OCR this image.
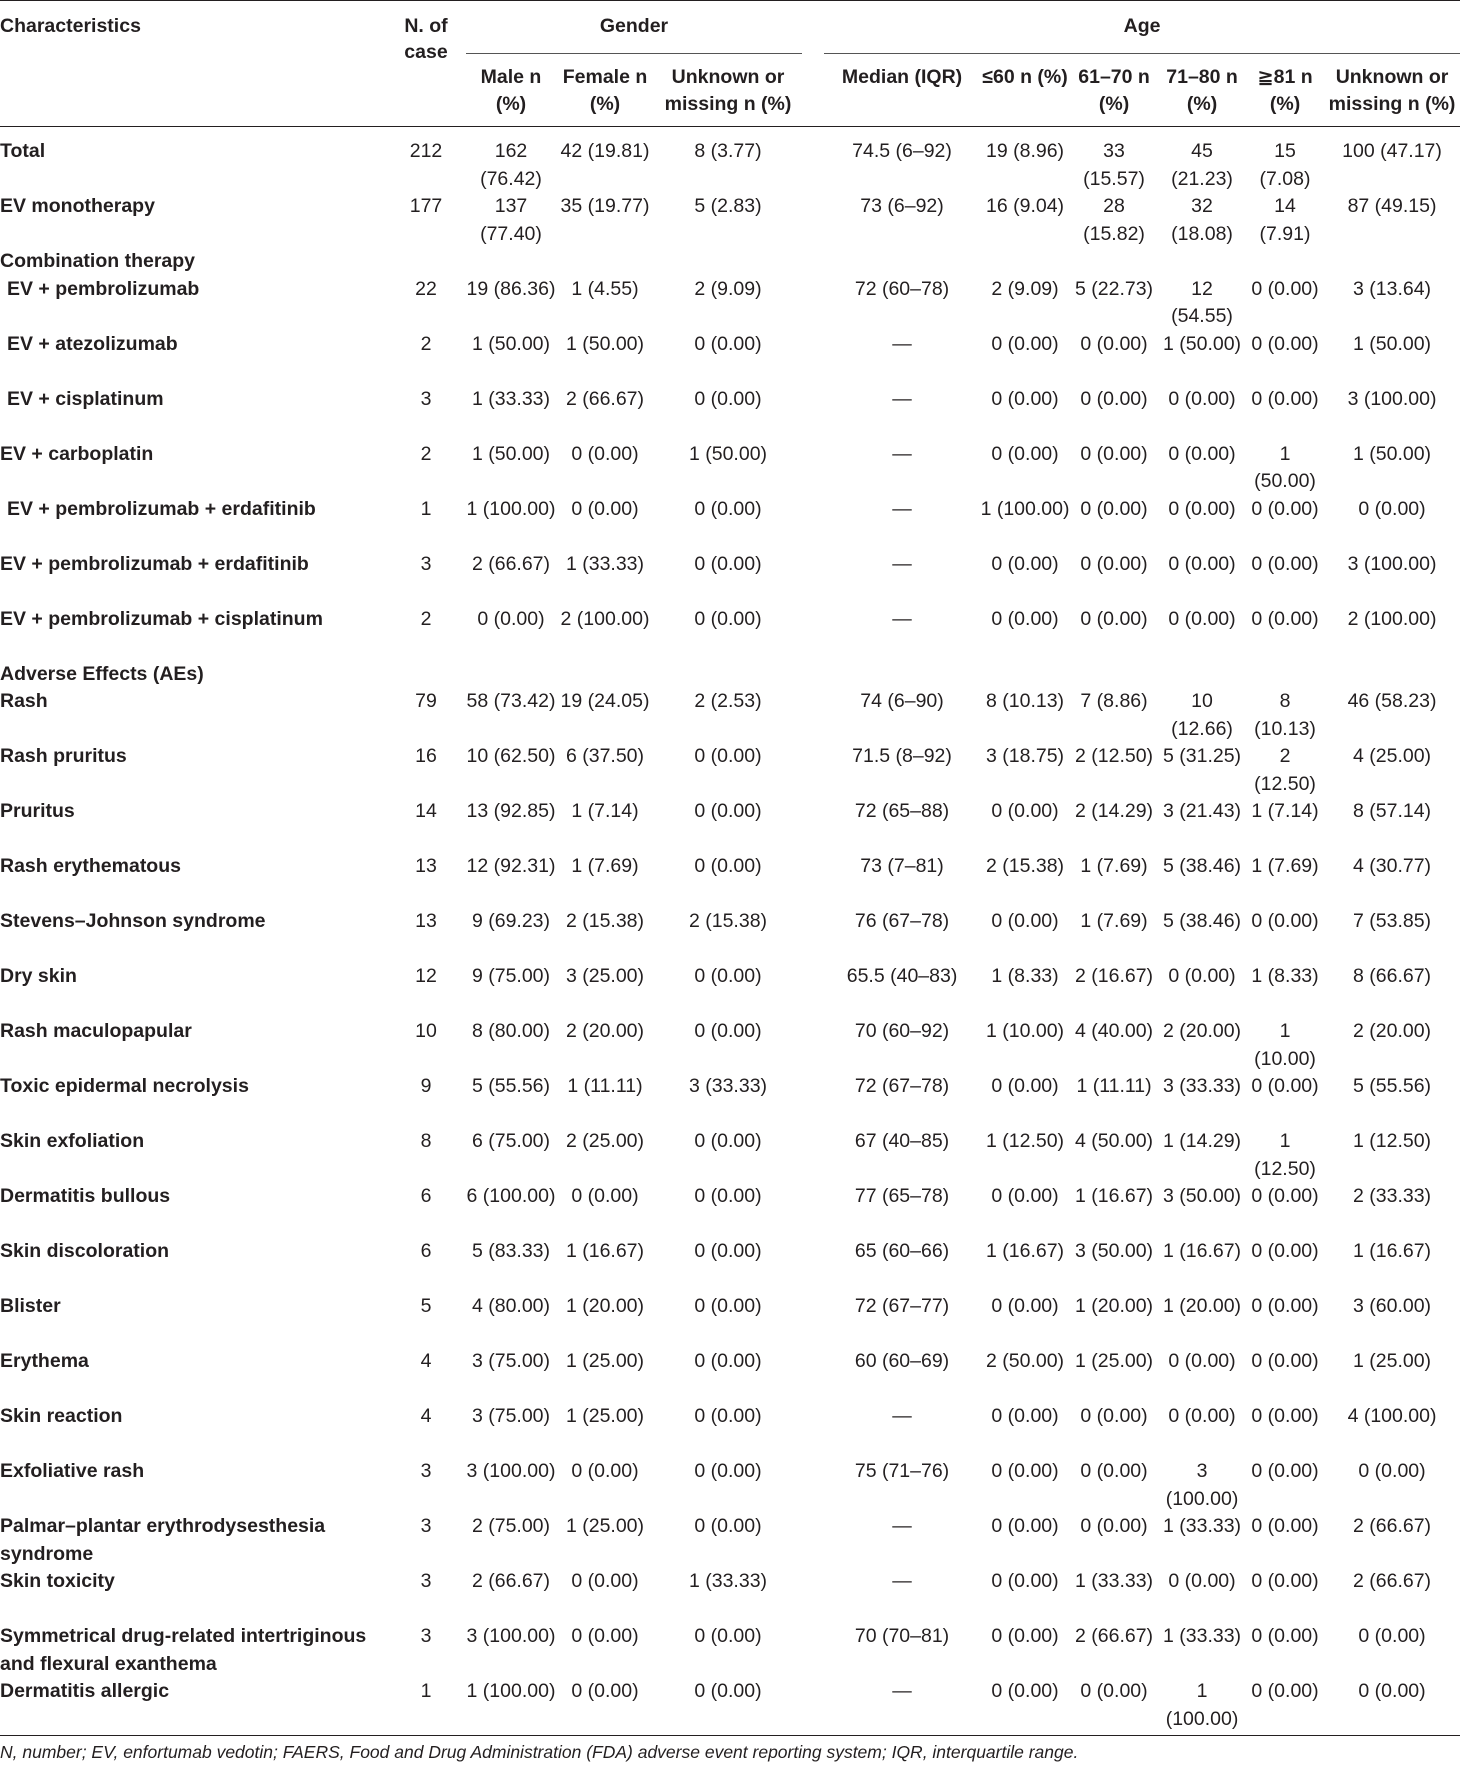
Characteristics	N. of case	Gender				Age					
		Male n (%)	Female n (%)	Unknown or missing n (%)		Median (IQR)	≤60 n (%)	61–70 n (%)	71–80 n (%)	≧81 n (%)	Unknown or missing n (%)
Total	212	162 (76.42)	42 (19.81)	8 (3.77)		74.5 (6–92)	19 (8.96)	33 (15.57)	45 (21.23)	15 (7.08)	100 (47.17)
EV monotherapy	177	137 (77.40)	35 (19.77)	5 (2.83)		73 (6–92)	16 (9.04)	28 (15.82)	32 (18.08)	14 (7.91)	87 (49.15)
Combination therapy											
EV + pembrolizumab	22	19 (86.36)	1 (4.55)	2 (9.09)		72 (60–78)	2 (9.09)	5 (22.73)	12 (54.55)	0 (0.00)	3 (13.64)
EV + atezolizumab	2	1 (50.00)	1 (50.00)	0 (0.00)		—	0 (0.00)	0 (0.00)	1 (50.00)	0 (0.00)	1 (50.00)
EV + cisplatinum	3	1 (33.33)	2 (66.67)	0 (0.00)		—	0 (0.00)	0 (0.00)	0 (0.00)	0 (0.00)	3 (100.00)
EV + carboplatin	2	1 (50.00)	0 (0.00)	1 (50.00)		—	0 (0.00)	0 (0.00)	0 (0.00)	1 (50.00)	1 (50.00)
EV + pembrolizumab + erdafitinib	1	1 (100.00)	0 (0.00)	0 (0.00)		—	1 (100.00)	0 (0.00)	0 (0.00)	0 (0.00)	0 (0.00)
EV + pembrolizumab + erdafitinib	3	2 (66.67)	1 (33.33)	0 (0.00)		—	0 (0.00)	0 (0.00)	0 (0.00)	0 (0.00)	3 (100.00)
EV + pembrolizumab + cisplatinum	2	0 (0.00)	2 (100.00)	0 (0.00)		—	0 (0.00)	0 (0.00)	0 (0.00)	0 (0.00)	2 (100.00)
Adverse Effects (AEs)											
Rash	79	58 (73.42)	19 (24.05)	2 (2.53)		74 (6–90)	8 (10.13)	7 (8.86)	10 (12.66)	8 (10.13)	46 (58.23)
Rash pruritus	16	10 (62.50)	6 (37.50)	0 (0.00)		71.5 (8–92)	3 (18.75)	2 (12.50)	5 (31.25)	2 (12.50)	4 (25.00)
Pruritus	14	13 (92.85)	1 (7.14)	0 (0.00)		72 (65–88)	0 (0.00)	2 (14.29)	3 (21.43)	1 (7.14)	8 (57.14)
Rash erythematous	13	12 (92.31)	1 (7.69)	0 (0.00)		73 (7–81)	2 (15.38)	1 (7.69)	5 (38.46)	1 (7.69)	4 (30.77)
Stevens–Johnson syndrome	13	9 (69.23)	2 (15.38)	2 (15.38)		76 (67–78)	0 (0.00)	1 (7.69)	5 (38.46)	0 (0.00)	7 (53.85)
Dry skin	12	9 (75.00)	3 (25.00)	0 (0.00)		65.5 (40–83)	1 (8.33)	2 (16.67)	0 (0.00)	1 (8.33)	8 (66.67)
Rash maculopapular	10	8 (80.00)	2 (20.00)	0 (0.00)		70 (60–92)	1 (10.00)	4 (40.00)	2 (20.00)	1 (10.00)	2 (20.00)
Toxic epidermal necrolysis	9	5 (55.56)	1 (11.11)	3 (33.33)		72 (67–78)	0 (0.00)	1 (11.11)	3 (33.33)	0 (0.00)	5 (55.56)
Skin exfoliation	8	6 (75.00)	2 (25.00)	0 (0.00)		67 (40–85)	1 (12.50)	4 (50.00)	1 (14.29)	1 (12.50)	1 (12.50)
Dermatitis bullous	6	6 (100.00)	0 (0.00)	0 (0.00)		77 (65–78)	0 (0.00)	1 (16.67)	3 (50.00)	0 (0.00)	2 (33.33)
Skin discoloration	6	5 (83.33)	1 (16.67)	0 (0.00)		65 (60–66)	1 (16.67)	3 (50.00)	1 (16.67)	0 (0.00)	1 (16.67)
Blister	5	4 (80.00)	1 (20.00)	0 (0.00)		72 (67–77)	0 (0.00)	1 (20.00)	1 (20.00)	0 (0.00)	3 (60.00)
Erythema	4	3 (75.00)	1 (25.00)	0 (0.00)		60 (60–69)	2 (50.00)	1 (25.00)	0 (0.00)	0 (0.00)	1 (25.00)
Skin reaction	4	3 (75.00)	1 (25.00)	0 (0.00)		—	0 (0.00)	0 (0.00)	0 (0.00)	0 (0.00)	4 (100.00)
Exfoliative rash	3	3 (100.00)	0 (0.00)	0 (0.00)		75 (71–76)	0 (0.00)	0 (0.00)	3 (100.00)	0 (0.00)	0 (0.00)
Palmar–plantar erythrodysesthesia syndrome	3	2 (75.00)	1 (25.00)	0 (0.00)		—	0 (0.00)	0 (0.00)	1 (33.33)	0 (0.00)	2 (66.67)
Skin toxicity	3	2 (66.67)	0 (0.00)	1 (33.33)		—	0 (0.00)	1 (33.33)	0 (0.00)	0 (0.00)	2 (66.67)
Symmetrical drug-related intertriginous and flexural exanthema	3	3 (100.00)	0 (0.00)	0 (0.00)		70 (70–81)	0 (0.00)	2 (66.67)	1 (33.33)	0 (0.00)	0 (0.00)
Dermatitis allergic	1	1 (100.00)	0 (0.00)	0 (0.00)		—	0 (0.00)	0 (0.00)	1 (100.00)	0 (0.00)	0 (0.00)
N, number; EV, enfortumab vedotin; FAERS, Food and Drug Administration (FDA) adverse event reporting system; IQR, interquartile range.											
